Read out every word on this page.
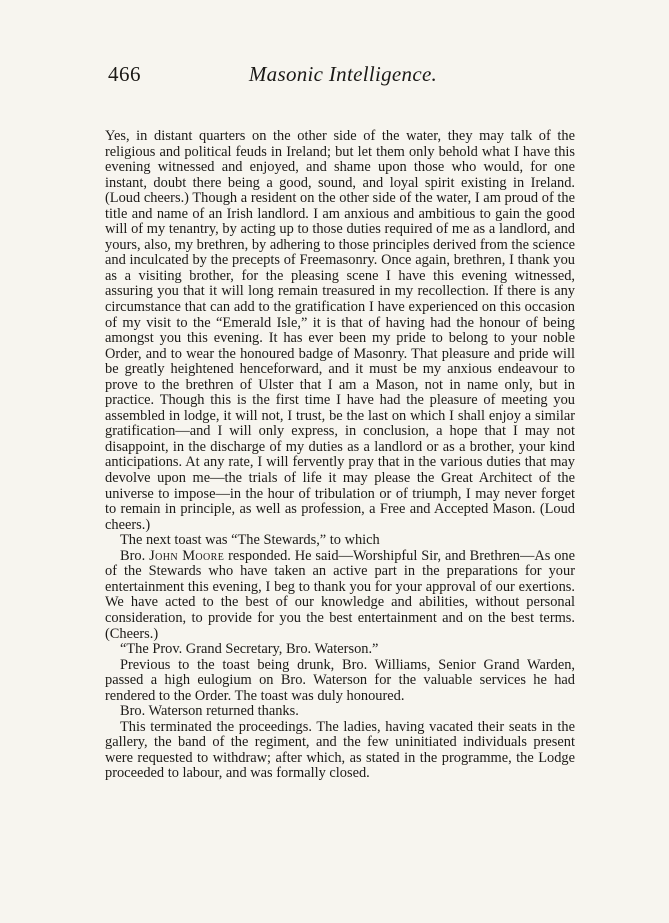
466	Masonic Intelligence.

Yes, in distant quarters on the other side of the water, they may talk of the religious and political feuds in Ireland; but let them only behold what I have this evening witnessed and enjoyed, and shame upon those who would, for one instant, doubt there being a good, sound, and loyal spirit existing in Ireland. (Loud cheers.) Though a resident on the other side of the water, I am proud of the title and name of an Irish landlord. I am anxious and ambitious to gain the good will of my tenantry, by acting up to those duties required of me as a landlord, and yours, also, my brethren, by adhering to those principles derived from the science and inculcated by the precepts of Freemasonry. Once again, brethren, I thank you as a visiting brother, for the pleasing scene I have this evening witnessed, assuring you that it will long remain treasured in my recollection. If there is any circumstance that can add to the gratification I have experienced on this occasion of my visit to the “Emerald Isle,” it is that of having had the honour of being amongst you this evening. It has ever been my pride to belong to your noble Order, and to wear the honoured badge of Masonry. That pleasure and pride will be greatly heightened henceforward, and it must be my anxious endeavour to prove to the brethren of Ulster that I am a Mason, not in name only, but in practice. Though this is the first time I have had the pleasure of meeting you assembled in lodge, it will not, I trust, be the last on which I shall enjoy a similar gratification—and I will only express, in conclusion, a hope that I may not disappoint, in the discharge of my duties as a landlord or as a brother, your kind anticipations. At any rate, I will fervently pray that in the various duties that may devolve upon me—the trials of life it may please the Great Architect of the universe to impose—in the hour of tribulation or of triumph, I may never forget to remain in principle, as well as profession, a Free and Accepted Mason. (Loud cheers.)

The next toast was “The Stewards,” to which

Bro. John Moore responded. He said—Worshipful Sir, and Brethren—As one of the Stewards who have taken an active part in the preparations for your entertainment this evening, I beg to thank you for your approval of our exertions. We have acted to the best of our knowledge and abilities, without personal consideration, to provide for you the best entertainment and on the best terms. (Cheers.)

“The Prov. Grand Secretary, Bro. Waterson.”

Previous to the toast being drunk, Bro. Williams, Senior Grand Warden, passed a high eulogium on Bro. Waterson for the valuable services he had rendered to the Order. The toast was duly honoured.

Bro. Waterson returned thanks.

This terminated the proceedings. The ladies, having vacated their seats in the gallery, the band of the regiment, and the few uninitiated individuals present were requested to withdraw; after which, as stated in the programme, the Lodge proceeded to labour, and was formally closed.
